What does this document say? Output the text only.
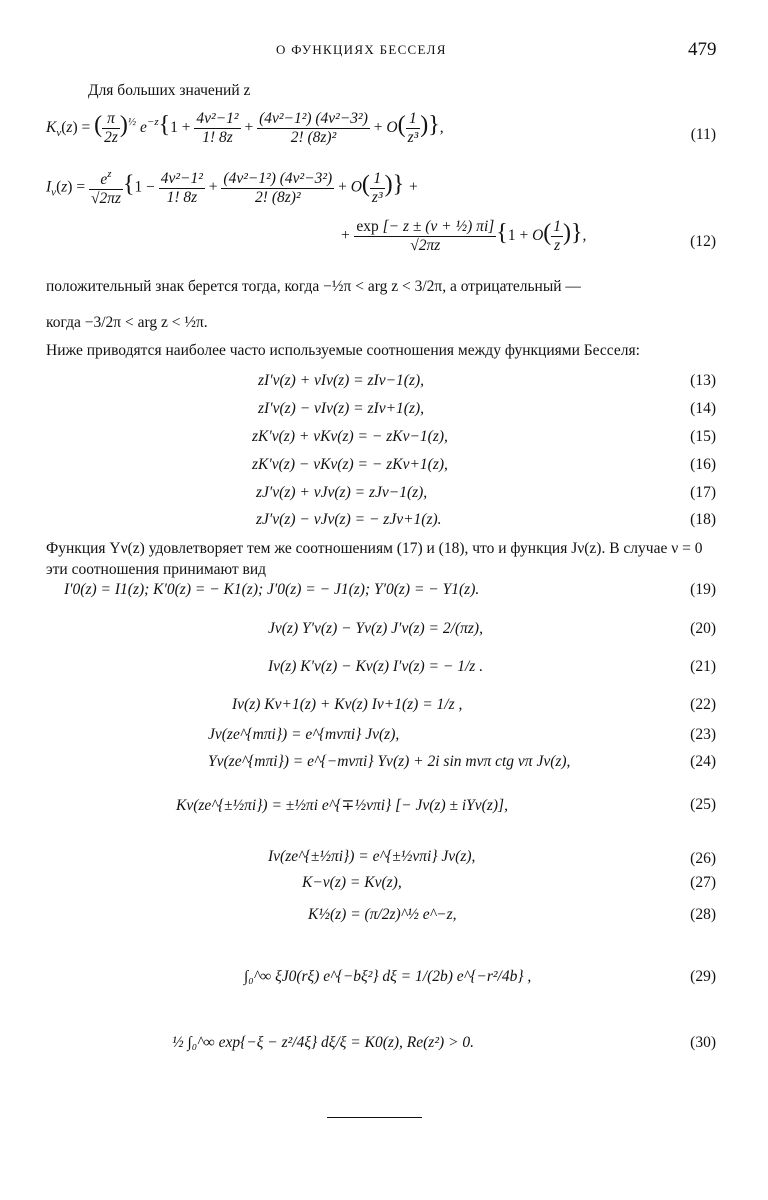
О ФУНКЦИЯХ БЕССЕЛЯ	479
Для больших значений z
$K_\nu(z)$ = ( $\frac{\pi}{2z} )^{\frac{1}{2}}$ $e^{-z}\{1 + \frac{\text{4ν²−1²}}{1! 8z} + \frac{\text{(4ν²−1²) (4ν²−3²)}}{\text{2! (8z)²}} + O( \frac{1}{\text{z³}}$ )},	(11)
$I_\nu(z) = \frac{e^z}{√2\pi z} \{1 - \frac{\text{4ν²−1²}}{1! 8z} + \frac{\text{(4ν²−1²) (4ν²−3²)}}{\text{2! (8z)²}} + O( \frac{1}{\text{z³}}$ )} +
+ $\frac{\text{exp [− z ± (ν + ½) πi]}}{√2\pi z} \{1 + O( \frac{1}{z}$ )},	(12)
положительный знак берется тогда, когда −½π < arg z < 3/2π, а отрицательный —
когда −3/2π < arg z < ½π.
Ниже приводятся наиболее часто используемые соотношения между функциями Бесселя:
zI′ν(z) + νIν(z) = zIν−1(z),	(13)
zI′ν(z) − νIν(z) = zIν+1(z),	(14)
zK′ν(z) + νKν(z) = − zKν−1(z),	(15)
zK′ν(z) − νKν(z) = − zKν+1(z),	(16)
zJ′ν(z) + νJν(z) = zJν−1(z),	(17)
zJ′ν(z) − νJν(z) = − zJν+1(z).	(18)
Функция Yν(z) удовлетворяет тем же соотношениям (17) и (18), что и функция Jν(z). В случае ν = 0 эти соотношения принимают вид
I′0(z) = I1(z); K′0(z) = − K1(z); J′0(z) = − J1(z); Y′0(z) = − Y1(z).	(19)
Jν(z) Y′ν(z) − Yν(z) J′ν(z) = 2/(πz),	(20)
Iν(z) K′ν(z) − Kν(z) I′ν(z) = − 1/z .	(21)
Iν(z) Kν+1(z) + Kν(z) Iν+1(z) = 1/z ,	(22)
Jν(ze^{mπi}) = e^{mνπi} Jν(z),	(23)
Yν(ze^{mπi}) = e^{−mνπi} Yν(z) + 2i sin mνπ ctg νπ Jν(z),	(24)
Kν(ze^{±½πi}) = ±½πi e^{∓½νπi} [− Jν(z) ± iYν(z)],	(25)
Iν(ze^{±½πi}) = e^{±½νπi} Jν(z),	(26)
K−ν(z) = Kν(z),	(27)
K½(z) = (π/2z)^½ e^−z,	(28)
∫₀^∞ ξJ0(rξ) e^{−bξ²} dξ = 1/(2b) e^{−r²/4b} ,	(29)
½ ∫₀^∞ exp{−ξ − z²/4ξ} dξ/ξ = K0(z), Re(z²) > 0.	(30)
